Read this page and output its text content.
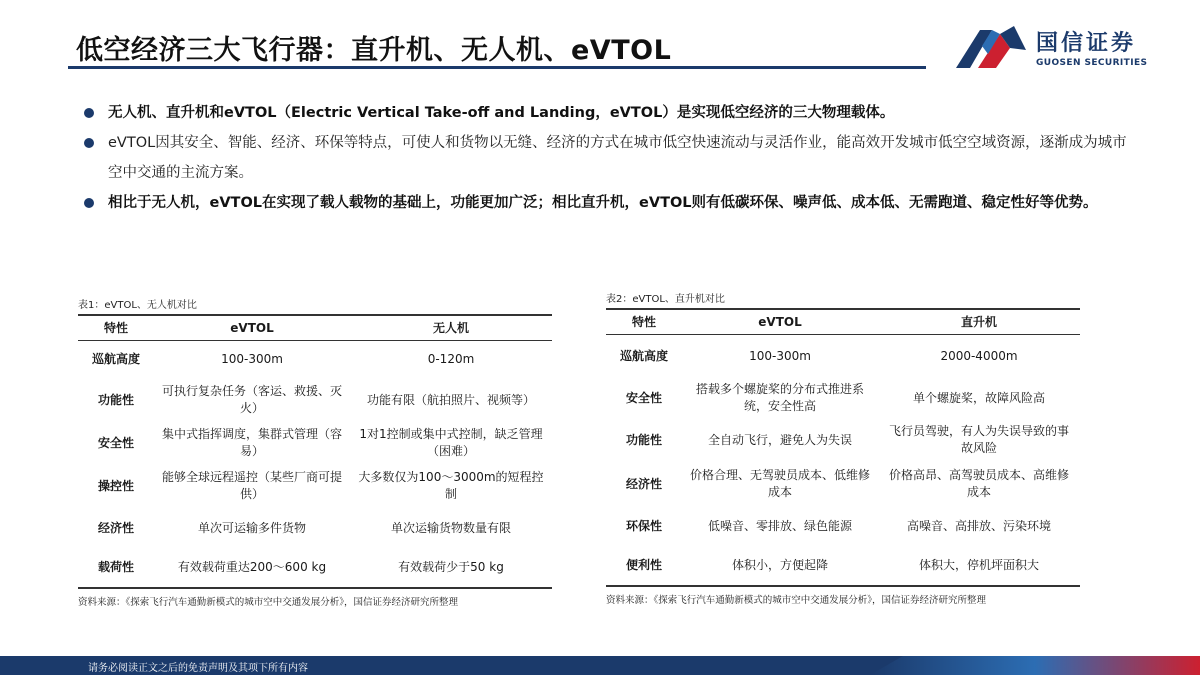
低空经济三大飞行器：直升机、无人机、eVTOL	国信证券
GUOSEN SECURITIES
无人机、直升机和eVTOL（Electric Vertical Take-off and Landing，eVTOL）是实现低空经济的三大物理载体。
eVTOL因其安全、智能、经济、环保等特点，可使人和货物以无缝、经济的方式在城市低空快速流动与灵活作业，能高效开发城市低空空域资源，逐渐成为城市空中交通的主流方案。
相比于无人机，eVTOL在实现了载人载物的基础上，功能更加广泛；相比直升机，eVTOL则有低碳环保、噪声低、成本低、无需跑道、稳定性好等优势。
表1：eVTOL、无人机对比
特性	eVTOL	无人机
巡航高度	100-300m	0-120m
功能性	可执行复杂任务（客运、救援、灭火）	功能有限（航拍照片、视频等）
安全性	集中式指挥调度，集群式管理（容易）	1对1控制或集中式控制，缺乏管理（困难）
操控性	能够全球远程遥控（某些厂商可提供）	大多数仅为100～3000m的短程控制
经济性	单次可运输多件货物	单次运输货物数量有限
载荷性	有效载荷重达200～600 kg	有效载荷少于50 kg
资料来源：《探索飞行汽车通勤新模式的城市空中交通发展分析》，国信证券经济研究所整理
表2：eVTOL、直升机对比
特性	eVTOL	直升机
巡航高度	100-300m	2000-4000m
安全性	搭载多个螺旋桨的分布式推进系统，安全性高	单个螺旋桨，故障风险高
功能性	全自动飞行，避免人为失误	飞行员驾驶，有人为失误导致的事故风险
经济性	价格合理、无驾驶员成本、低维修成本	价格高昂、高驾驶员成本、高维修成本
环保性	低噪音、零排放、绿色能源	高噪音、高排放、污染环境
便利性	体积小，方便起降	体积大，停机坪面积大
资料来源：《探索飞行汽车通勤新模式的城市空中交通发展分析》，国信证券经济研究所整理
请务必阅读正文之后的免责声明及其项下所有内容
